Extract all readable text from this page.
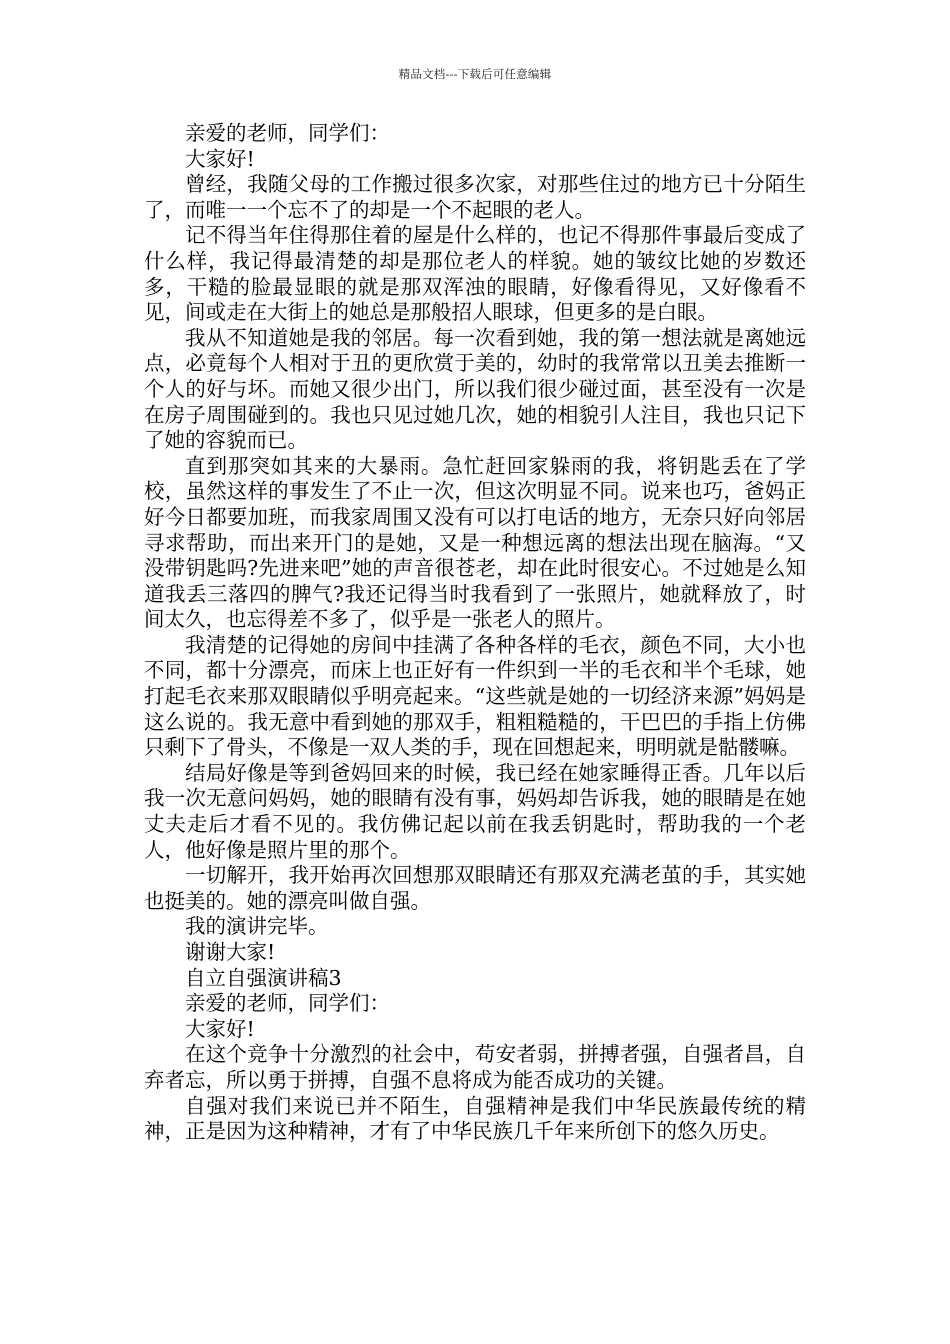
精品文档---下载后可任意编辑

亲爱的老师，同学们：

大家好!

曾经，我随父母的工作搬过很多次家，对那些住过的地方已十分陌生了，而唯一一个忘不了的却是一个不起眼的老人。

记不得当年住得那住着的屋是什么样的，也记不得那件事最后变成了什么样，我记得最清楚的却是那位老人的样貌。她的皱纹比她的岁数还多，干糙的脸最显眼的就是那双浑浊的眼睛，好像看得见，又好像看不见，间或走在大街上的她总是那般招人眼球，但更多的是白眼。

我从不知道她是我的邻居。每一次看到她，我的第一想法就是离她远点，必竟每个人相对于丑的更欣赏于美的，幼时的我常常以丑美去推断一个人的好与坏。而她又很少出门，所以我们很少碰过面，甚至没有一次是在房子周围碰到的。我也只见过她几次，她的相貌引人注目，我也只记下了她的容貌而已。

直到那突如其来的大暴雨。急忙赶回家躲雨的我，将钥匙丢在了学校，虽然这样的事发生了不止一次，但这次明显不同。说来也巧，爸妈正好今日都要加班，而我家周围又没有可以打电话的地方，无奈只好向邻居寻求帮助，而出来开门的是她，又是一种想远离的想法出现在脑海。“又没带钥匙吗?先进来吧”她的声音很苍老，却在此时很安心。不过她是么知道我丢三落四的脾气?我还记得当时我看到了一张照片，她就释放了，时间太久，也忘得差不多了，似乎是一张老人的照片。

我清楚的记得她的房间中挂满了各种各样的毛衣，颜色不同，大小也不同，都十分漂亮，而床上也正好有一件织到一半的毛衣和半个毛球，她打起毛衣来那双眼睛似乎明亮起来。“这些就是她的一切经济来源”妈妈是这么说的。我无意中看到她的那双手，粗粗糙糙的，干巴巴的手指上仿佛只剩下了骨头，不像是一双人类的手，现在回想起来，明明就是骷髅嘛。

结局好像是等到爸妈回来的时候，我已经在她家睡得正香。几年以后我一次无意问妈妈，她的眼睛有没有事，妈妈却告诉我，她的眼睛是在她丈夫走后才看不见的。我仿佛记起以前在我丢钥匙时，帮助我的一个老人，他好像是照片里的那个。

一切解开，我开始再次回想那双眼睛还有那双充满老茧的手，其实她也挺美的。她的漂亮叫做自强。

我的演讲完毕。

谢谢大家!

自立自强演讲稿3

亲爱的老师，同学们：

大家好!

在这个竞争十分激烈的社会中，苟安者弱，拼搏者强，自强者昌，自弃者忘，所以勇于拼搏，自强不息将成为能否成功的关键。

自强对我们来说已并不陌生，自强精神是我们中华民族最传统的精神，正是因为这种精神，才有了中华民族几千年来所创下的悠久历史。
